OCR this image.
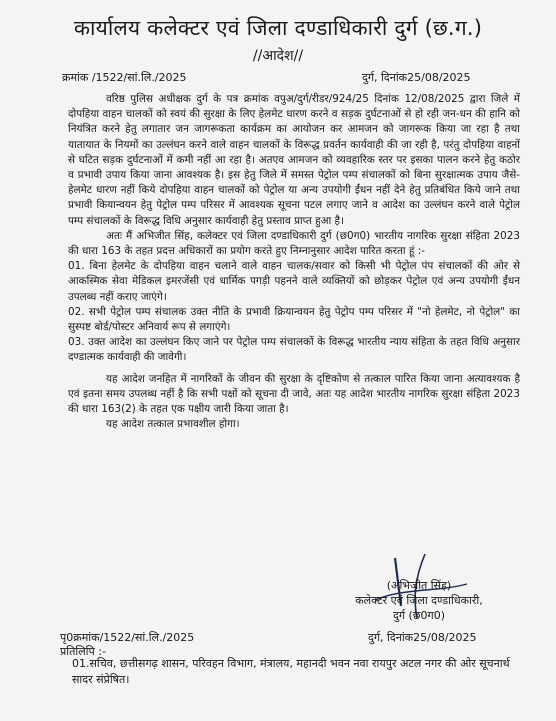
कार्यालय कलेक्टर एवं जिला दण्डाधिकारी दुर्ग (छ.ग.)
//आदेश//
क्रमांक /1522/सां.लि./2025	दुर्ग, दिनांक25/08/2025

वरिष्ठ पुलिस अधीक्षक दुर्ग के पत्र क्रमांक वपुअ/दुर्ग/रीडर/924/25 दिनांक 12/08/2025 द्वारा जिले में दोपहिया वाहन चालकों को स्वयं की सुरक्षा के लिए हेलमेट धारण करने व सड़क दुर्घटनाओं से हो रही जन-धन की हानि को नियंत्रित करने हेतु लगातार जन जागरूकता कार्यक्रम का आयोजन कर आमजन को जागरूक किया जा रहा है तथा यातायात के नियमों का उल्लंघन करने वाले वाहन चालकों के विरूद्ध प्रवर्तन कार्यवाही की जा रही है, परंतु दोपहिया वाहनों से घटित सड़क दुर्घटनाओं में कमी नहीं आ रहा है। अतएव आमजन को व्यवहारिक स्तर पर इसका पालन करने हेतु कठोर व प्रभावी उपाय किया जाना आवश्यक है। इस हेतु जिले में समस्त पेट्रोल पम्प संचालकों को बिना सुरक्षात्मक उपाय जैसे-हेलमेट धारण नहीं किये दोपहिया वाहन चालकों को पेट्रोल या अन्य उपयोगी ईंधन नहीं देने हेतु प्रतिबंधित किये जाने तथा प्रभावी कियान्वयन हेतु पेट्रोल पम्प परिसर में आवश्यक सूचना पटल लगाए जाने व आदेश का उल्लंघन करने वाले पेट्रोल पम्प संचालकों के विरूद्ध विधि अनुसार कार्यवाही हेतु प्रस्ताव प्राप्त हुआ है।

अतः मैं अभिजीत सिंह, कलेक्टर एवं जिला दण्डाधिकारी दुर्ग (छ0ग0) भारतीय नागरिक सुरक्षा संहिता 2023 की धारा 163 के तहत प्रदत्त अधिकारों का प्रयोग करते हुए निम्नानुसार आदेश पारित करता हूं :-

01. बिना हेलमेट के दोपहिया वाहन चलाने वाले वाहन चालक/सवार को किसी भी पेट्रोल पंप संचालकों की ओर से आकस्मिक सेवा मेडिकल इमरजेंसी एवं धार्मिक पगड़ी पहनने वाले व्यक्तियों को छोड़कर पेट्रोल एवं अन्य उपयोगी ईंधन उपलब्ध नहीं कराए जाएंगे।

02. सभी पेट्रोल पम्प संचालक उक्त नीति के प्रभावी क्रियान्वयन हेतु पेट्रोप पम्प परिसर में "नो हेलमेट, नो पेट्रोल" का सुस्पष्ट बोर्ड/पोस्टर अनिवार्य रूप से लगाएंगे।

03. उक्त आदेश का उल्लंघन किए जाने पर पेट्रोल पम्प संचालकों के विरूद्ध भारतीय न्याय संहिता के तहत विधि अनुसार दण्डात्मक कार्यवाही की जावेगी।

यह आदेश जनहित में नागरिकों के जीवन की सुरक्षा के दृष्टिकोण से तत्काल पारित किया जाना अत्यावश्यक है एवं इतना समय उपलब्ध नहीं है कि सभी पक्षों को सूचना दी जावे, अतः यह आदेश भारतीय नागरिक सुरक्षा संहिता 2023 की धारा 163(2) के तहत एक पक्षीय जारी किया जाता है।

यह आदेश तत्काल प्रभावशील होगा।

(अभिजीत सिंह)
कलेक्टर एवं जिला दण्डाधिकारी,
दुर्ग (छ0ग0)
पृ0क्रमांक/1522/सां.लि./2025	दुर्ग, दिनांक25/08/2025
प्रतिलिपि :-

01.सचिव, छत्तीसगढ़ शासन, परिवहन विभाग, मंत्रालय, महानदी भवन नवा रायपुर अटल नगर की ओर सूचनार्थ सादर संप्रेषित।
